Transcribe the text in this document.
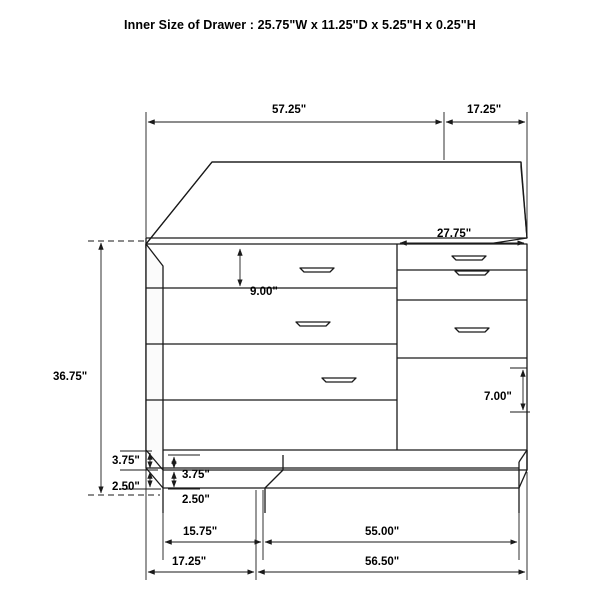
Inner Size of Drawer : 25.75"W x 11.25"D x 5.25"H x 0.25"H
57.25"	17.25"
27.75"
9.00"
36.75"
3.75"
2.50"
3.75"
2.50"
7.00"
15.75"	55.00"
17.25"	56.50"
